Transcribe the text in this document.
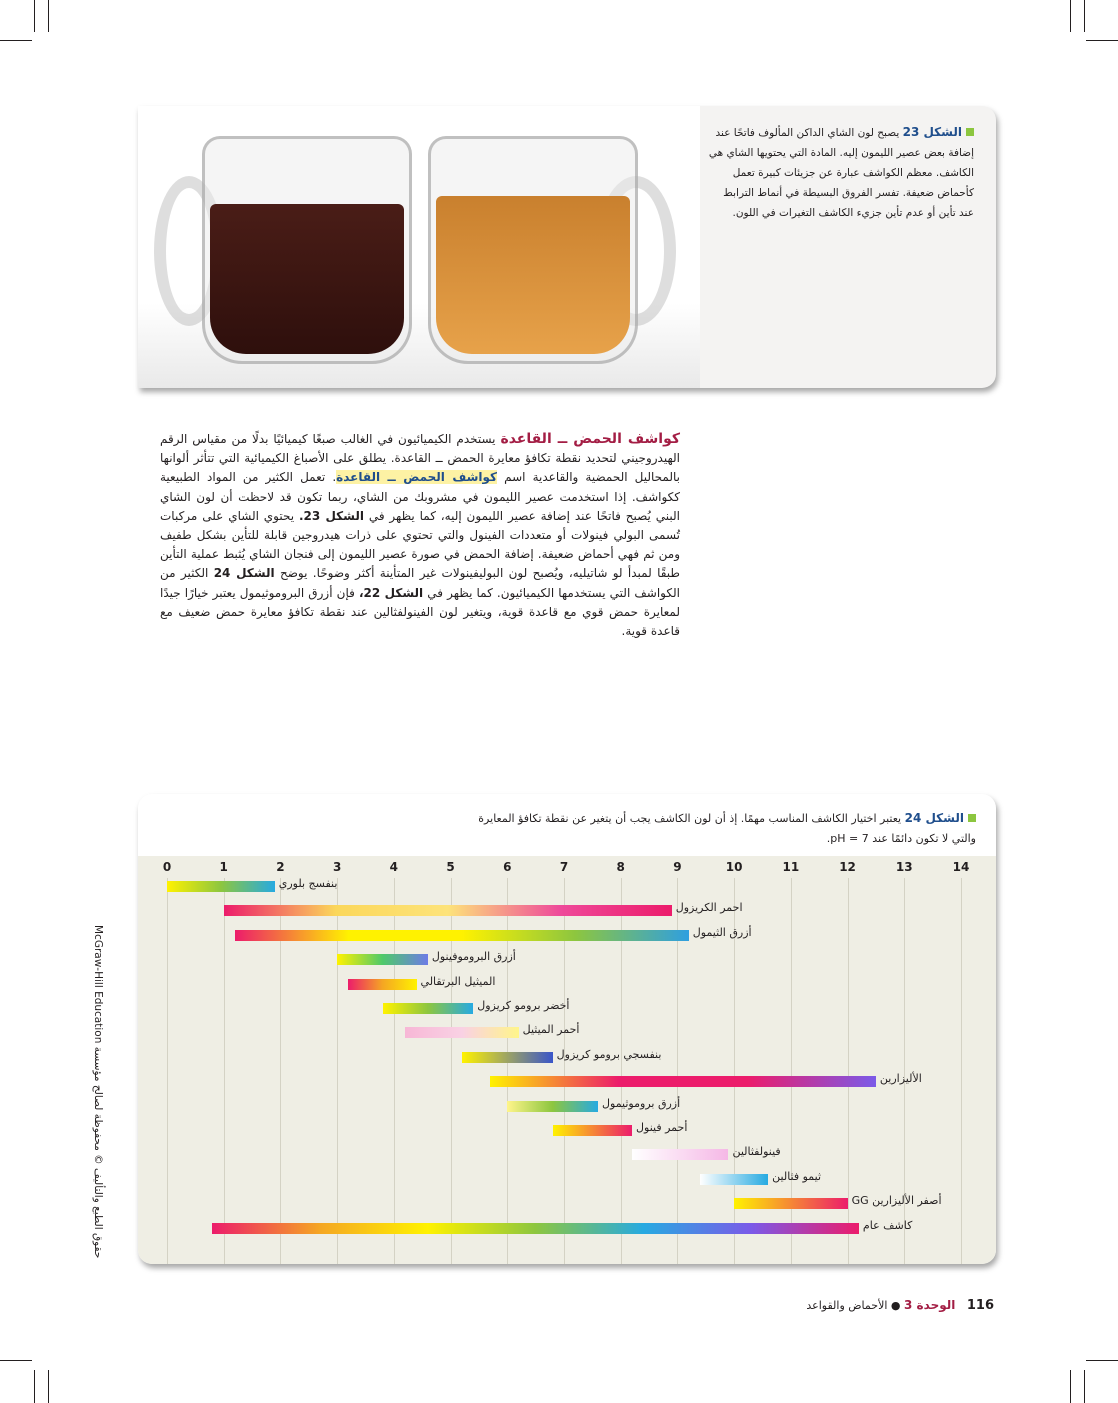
الشكل 23 يصبح لون الشاي الداكن المألوف فاتحًا عند إضافة بعض عصير الليمون إليه. المادة التي يحتويها الشاي هي الكاشف. معظم الكواشف عبارة عن جزيئات كبيرة تعمل كأحماض ضعيفة. تفسر الفروق البسيطة في أنماط الترابط عند تأين أو عدم تأين جزيء الكاشف التغيرات في اللون.
كواشف الحمض ــ القاعدة يستخدم الكيميائيون في الغالب صبغًا كيميائيًا بدلًا من مقياس الرقم الهيدروجيني لتحديد نقطة تكافؤ معايرة الحمض ــ القاعدة. يطلق على الأصباغ الكيميائية التي تتأثر ألوانها بالمحاليل الحمضية والقاعدية اسم كواشف الحمض ــ القاعدة. تعمل الكثير من المواد الطبيعية ككواشف. إذا استخدمت عصير الليمون في مشروبك من الشاي، ربما تكون قد لاحظت أن لون الشاي البني يُصبح فاتحًا عند إضافة عصير الليمون إليه، كما يظهر في الشكل 23. يحتوي الشاي على مركبات تُسمى البولي فينولات أو متعددات الفينول والتي تحتوي على ذرات هيدروجين قابلة للتأين بشكل طفيف ومن ثم فهي أحماض ضعيفة. إضافة الحمض في صورة عصير الليمون إلى فنجان الشاي يُثبط عملية التأين طبقًا لمبدأ لو شاتيليه، ويُصبح لون البوليفينولات غير المتأينة أكثر وضوحًا. يوضح الشكل 24 الكثير من الكواشف التي يستخدمها الكيميائيون. كما يظهر في الشكل 22، فإن أزرق البروموثيمول يعتبر خيارًا جيدًا لمعايرة حمض قوي مع قاعدة قوية، ويتغير لون الفينولفثالين عند نقطة تكافؤ معايرة حمض ضعيف مع قاعدة قوية.
الشكل 24 يعتبر اختيار الكاشف المناسب مهمًا. إذ أن لون الكاشف يجب أن يتغير عن نقطة تكافؤ المعايرة والتي لا تكون دائمًا عند pH = 7.
0	1	2	3	4	5	6	7	8	9	10	11	12	13	14
بنفسج بلوري
احمر الكريزول
أزرق الثيمول
أزرق البروموفينول
الميثيل البرتقالي
أخضر برومو كريزول
أحمر الميثيل
بنفسجي برومو كريزول
الأليزارين
أزرق بروموثيمول
أحمر فينول
فينولفثالين
ثيمو فثالين
أصفر الأليزارين GG
كاشف عام
McGraw-Hill Education حقوق الطبع والتأليف © محفوظة لصالح مؤسسة
116 الوحدة 3 ● الأحماض والقواعد
